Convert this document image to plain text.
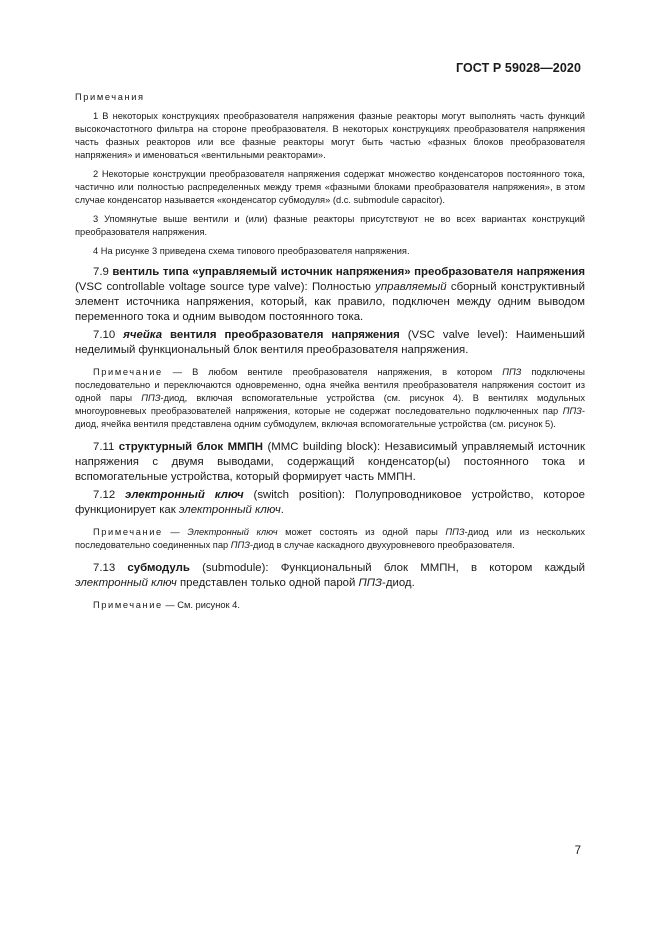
ГОСТ Р 59028—2020

Примечания

1 В некоторых конструкциях преобразователя напряжения фазные реакторы могут выполнять часть функций высокочастотного фильтра на стороне преобразователя. В некоторых конструкциях преобразователя напряжения часть фазных реакторов или все фазные реакторы могут быть частью «фазных блоков преобразователя напряжения» и именоваться «вентильными реакторами».

2 Некоторые конструкции преобразователя напряжения содержат множество конденсаторов постоянного тока, частично или полностью распределенных между тремя «фазными блоками преобразователя напряжения», в этом случае конденсатор называется «конденсатор субмодуля» (d.c. submodule capacitor).

3 Упомянутые выше вентили и (или) фазные реакторы присутствуют не во всех вариантах конструкций преобразователя напряжения.

4 На рисунке 3 приведена схема типового преобразователя напряжения.

7.9 вентиль типа «управляемый источник напряжения» преобразователя напряжения (VSC controllable voltage source type valve): Полностью управляемый сборный конструктивный элемент источника напряжения, который, как правило, подключен между одним выводом переменного тока и одним выводом постоянного тока.

7.10 ячейка вентиля преобразователя напряжения (VSC valve level): Наименьший неделимый функциональный блок вентиля преобразователя напряжения.

Примечание — В любом вентиле преобразователя напряжения, в котором ППЗ подключены последовательно и переключаются одновременно, одна ячейка вентиля преобразователя напряжения состоит из одной пары ППЗ-диод, включая вспомогательные устройства (см. рисунок 4). В вентилях модульных многоуровневых преобразователей напряжения, которые не содержат последовательно подключенных пар ППЗ-диод, ячейка вентиля представлена одним субмодулем, включая вспомогательные устройства (см. рисунок 5).

7.11 структурный блок ММПН (MMC building block): Независимый управляемый источник напряжения с двумя выводами, содержащий конденсатор(ы) постоянного тока и вспомогательные устройства, который формирует часть ММПН.

7.12 электронный ключ (switch position): Полупроводниковое устройство, которое функционирует как электронный ключ.

Примечание — Электронный ключ может состоять из одной пары ППЗ-диод или из нескольких последовательно соединенных пар ППЗ-диод в случае каскадного двухуровневого преобразователя.

7.13 субмодуль (submodule): Функциональный блок ММПН, в котором каждый электронный ключ представлен только одной парой ППЗ-диод.

Примечание — См. рисунок 4.

7
